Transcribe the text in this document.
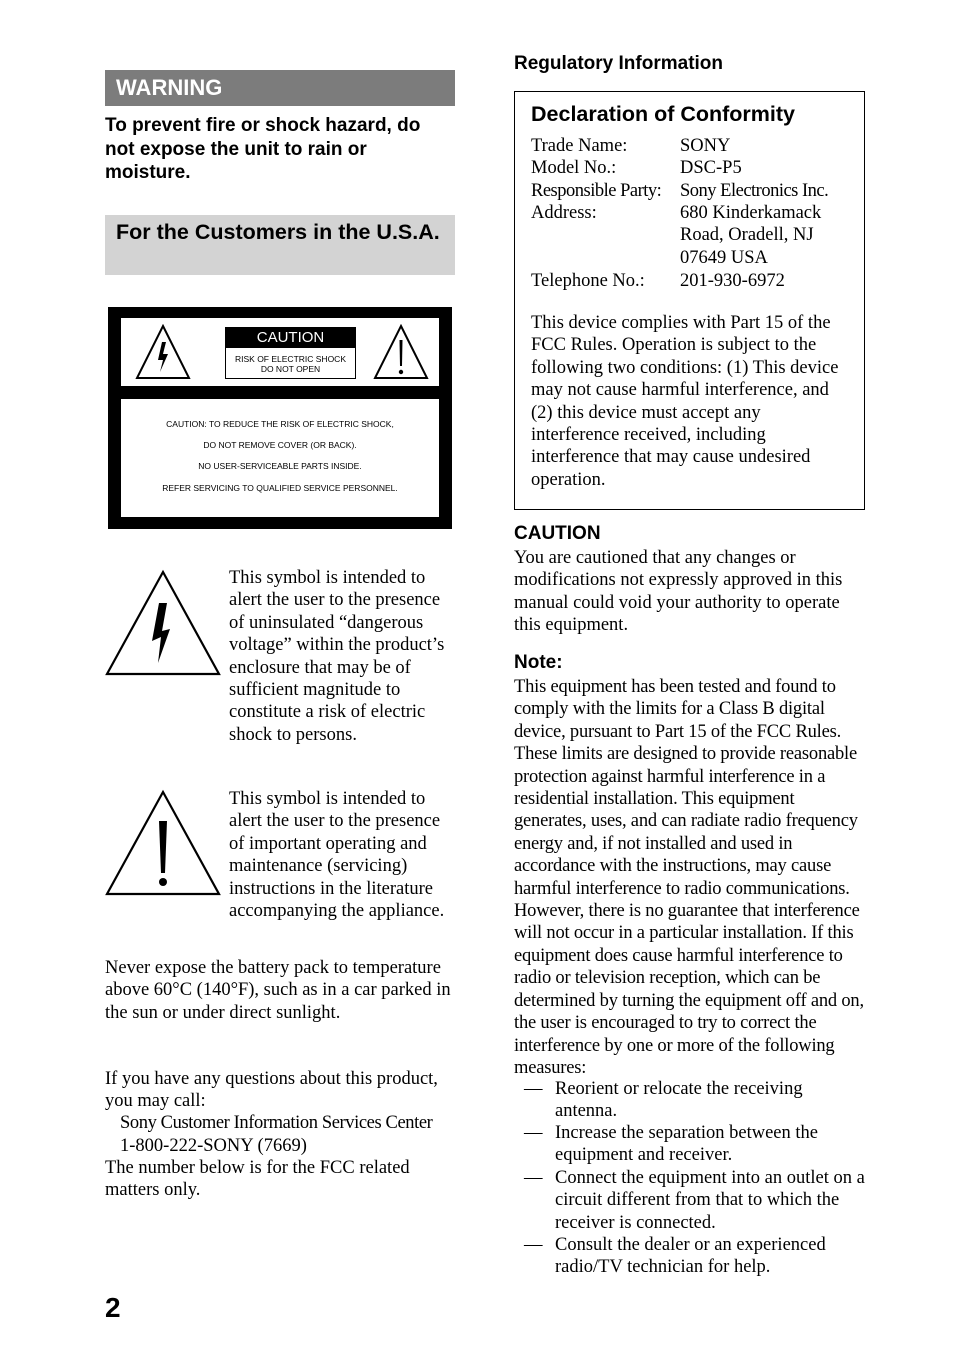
WARNING
To prevent fire or shock hazard, do not expose the unit to rain or moisture.
For the Customers in the U.S.A.
CAUTION
RISK OF ELECTRIC SHOCK
DO NOT OPEN
CAUTION: TO REDUCE THE RISK OF ELECTRIC SHOCK,
DO NOT REMOVE COVER (OR BACK).
NO USER-SERVICEABLE PARTS INSIDE.
REFER SERVICING TO QUALIFIED SERVICE PERSONNEL.
This symbol is intended to alert the user to the presence of uninsulated “dangerous voltage” within the product’s enclosure that may be of sufficient magnitude to constitute a risk of electric shock to persons.
This symbol is intended to alert the user to the presence of important operating and maintenance (servicing) instructions in the literature accompanying the appliance.
Never expose the battery pack to temperature above 60°C (140°F), such as in a car parked in the sun or under direct sunlight.
If you have any questions about this product, you may call:
Sony Customer Information Services Center
1-800-222-SONY (7669)
The number below is for the FCC related matters only.
Regulatory Information
Declaration of Conformity
Trade Name:	SONY
Model No.:	DSC-P5
Responsible Party: Sony Electronics Inc.
Address:	680 Kinderkamack Road, Oradell, NJ 07649 USA
Telephone No.: 201-930-6972
This device complies with Part 15 of the FCC Rules. Operation is subject to the following two conditions: (1) This device may not cause harmful interference, and (2) this device must accept any interference received, including interference that may cause undesired operation.
CAUTION
You are cautioned that any changes or modifications not expressly approved in this manual could void your authority to operate this equipment.
Note:
This equipment has been tested and found to comply with the limits for a Class B digital device, pursuant to Part 15 of the FCC Rules. These limits are designed to provide reasonable protection against harmful interference in a residential installation. This equipment generates, uses, and can radiate radio frequency energy and, if not installed and used in accordance with the instructions, may cause harmful interference to radio communications. However, there is no guarantee that interference will not occur in a particular installation. If this equipment does cause harmful interference to radio or television reception, which can be determined by turning the equipment off and on, the user is encouraged to try to correct the interference by one or more of the following measures:
— Reorient or relocate the receiving antenna.
— Increase the separation between the equipment and receiver.
— Connect the equipment into an outlet on a circuit different from that to which the receiver is connected.
— Consult the dealer or an experienced radio/TV technician for help.
2
